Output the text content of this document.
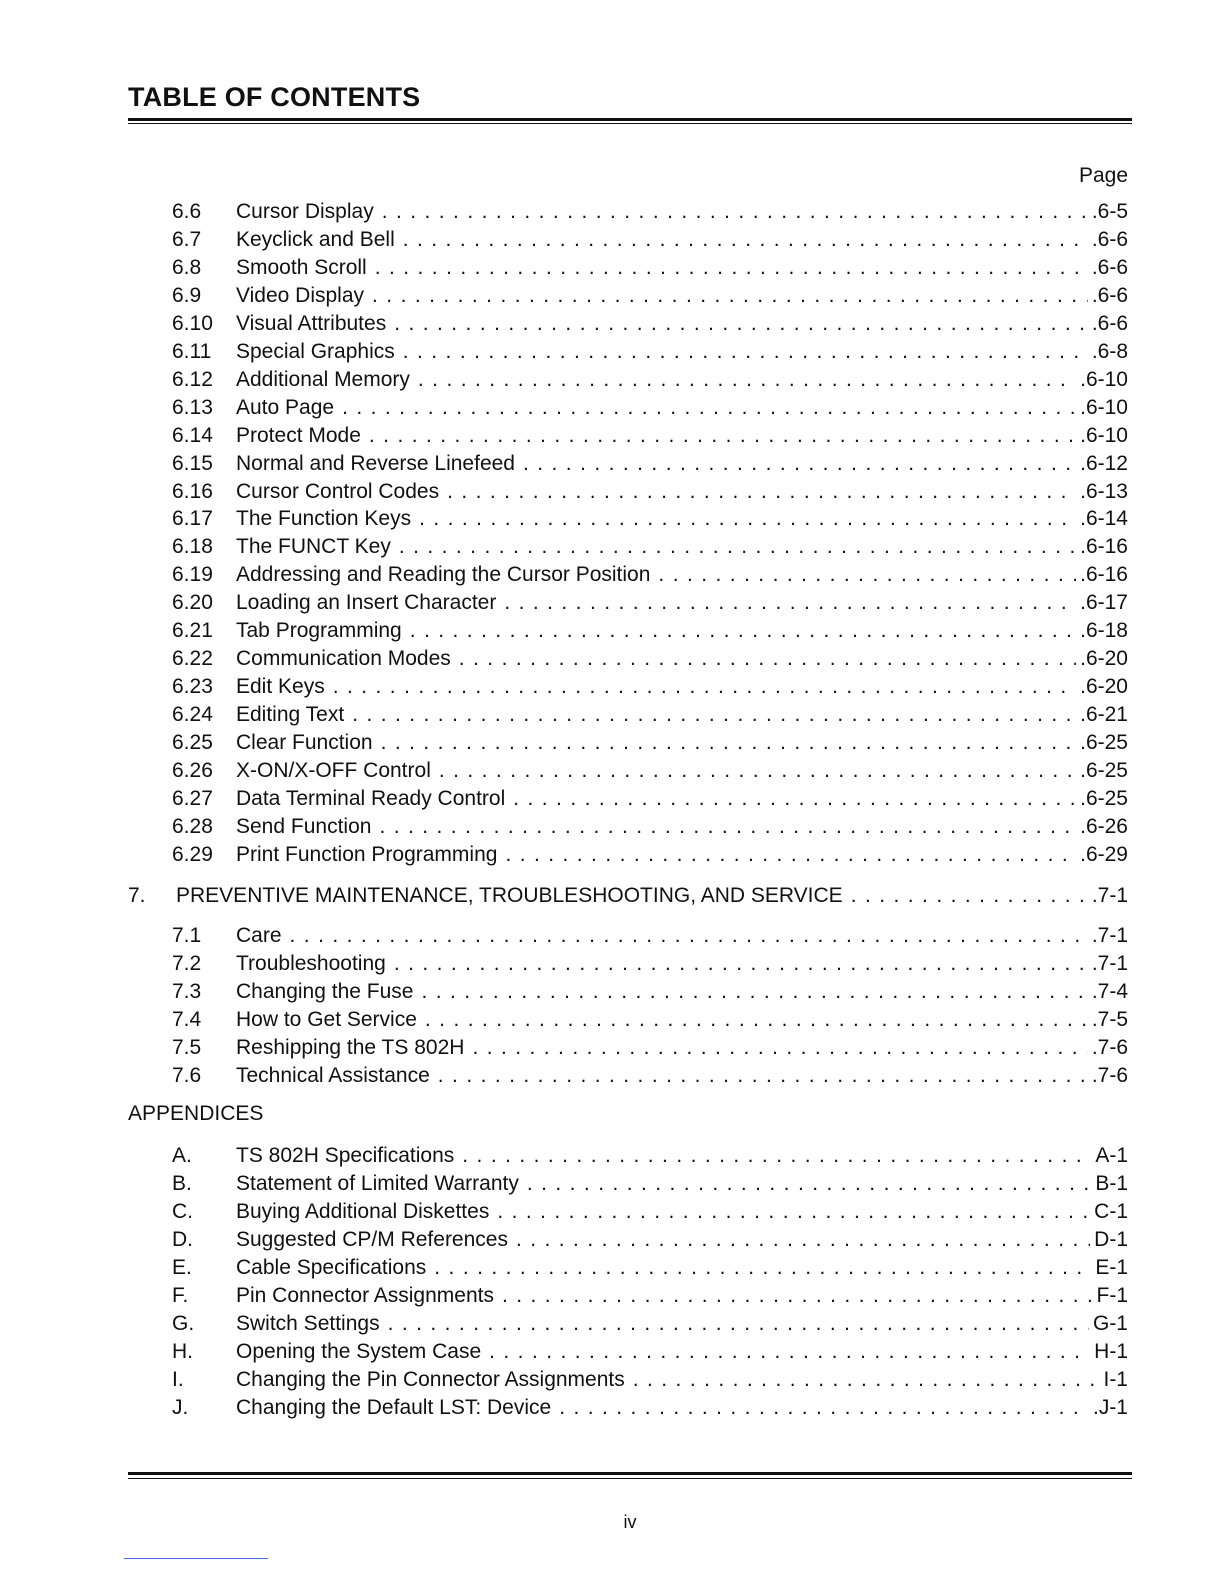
TABLE OF CONTENTS
Page
6.6	Cursor Display . . .	.6-5
6.7	Keyclick and Bell . . .	.6-6
6.8	Smooth Scroll . . .	.6-6
6.9	Video Display . . .	.6-6
6.10	Visual Attributes . . .	.6-6
6.11	Special Graphics . . .	.6-8
6.12	Additional Memory . . .	.6-10
6.13	Auto Page . . .	.6-10
6.14	Protect Mode . . .	.6-10
6.15	Normal and Reverse Linefeed . . .	.6-12
6.16	Cursor Control Codes . . .	.6-13
6.17	The Function Keys . . .	.6-14
6.18	The FUNCT Key . . .	.6-16
6.19	Addressing and Reading the Cursor Position . . .	.6-16
6.20	Loading an Insert Character . . .	.6-17
6.21	Tab Programming . . .	.6-18
6.22	Communication Modes . . .	.6-20
6.23	Edit Keys . . .	.6-20
6.24	Editing Text . . .	.6-21
6.25	Clear Function . . .	.6-25
6.26	X-ON/X-OFF Control . . .	.6-25
6.27	Data Terminal Ready Control . . .	.6-25
6.28	Send Function . . .	.6-26
6.29	Print Function Programming . . .	.6-29
7.	PREVENTIVE MAINTENANCE, TROUBLESHOOTING, AND SERVICE . . .	.7-1
7.1	Care . . .	.7-1
7.2	Troubleshooting . . .	.7-1
7.3	Changing the Fuse . . .	.7-4
7.4	How to Get Service . . .	.7-5
7.5	Reshipping the TS 802H . . .	.7-6
7.6	Technical Assistance . . .	.7-6
APPENDICES
A.	TS 802H Specifications . . .	A-1
B.	Statement of Limited Warranty . . .	B-1
C.	Buying Additional Diskettes . . .	C-1
D.	Suggested CP/M References . . .	D-1
E.	Cable Specifications . . .	E-1
F.	Pin Connector Assignments . . .	F-1
G.	Switch Settings . . .	G-1
H.	Opening the System Case . . .	H-1
I.	Changing the Pin Connector Assignments . . .	I-1
J.	Changing the Default LST: Device . . .	.J-1
iv
